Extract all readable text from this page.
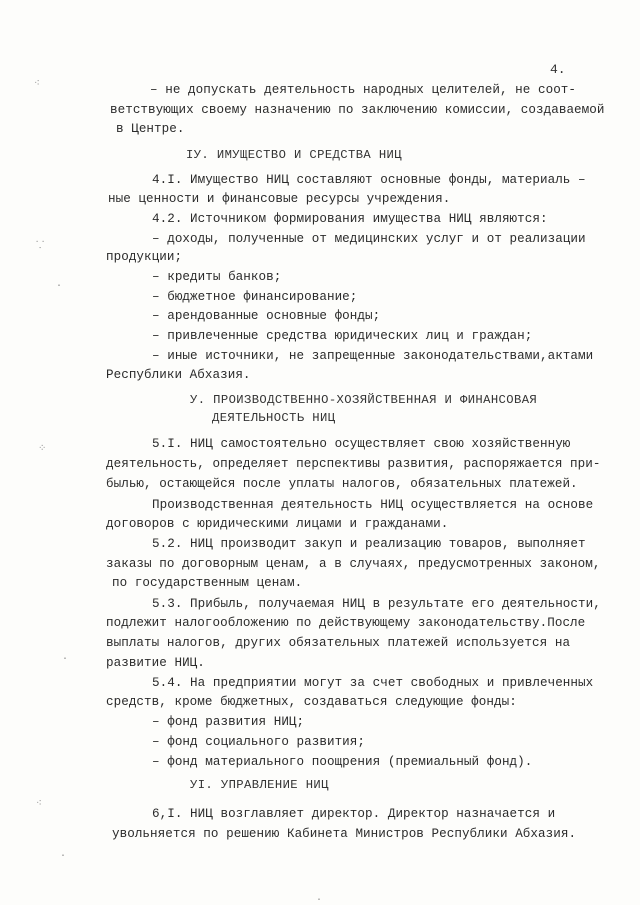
4.
– не допускать деятельность народных целителей, не соот-
ветствующих своему назначению по заключению комиссии, создаваемой
в Центре.
IУ. ИМУЩЕСТВО И СРЕДСТВА НИЦ
4.I. Имущество НИЦ составляют основные фонды, материаль –
ные ценности и финансовые ресурсы учреждения.
4.2. Источником формирования имущества НИЦ являются:
– доходы, полученные от медицинских услуг и от реализации
продукции;
– кредиты банков;
– бюджетное финансирование;
– арендованные основные фонды;
– привлеченные средства юридических лиц и граждан;
– иные источники, не запрещенные законодательствами,актами
Республики Абхазия.
У. ПРОИЗВОДСТВЕННО-ХОЗЯЙСТВЕННАЯ И ФИНАНСОВАЯ
ДЕЯТЕЛЬНОСТЬ НИЦ
5.I. НИЦ самостоятельно осуществляет свою хозяйственную
деятельность, определяет перспективы развития, распоряжается при-
былью, остающейся после уплаты налогов, обязательных платежей.
Производственная деятельность НИЦ осуществляется на основе
договоров с юридическими лицами и гражданами.
5.2. НИЦ производит закуп и реализацию товаров, выполняет
заказы по договорным ценам, а в случаях, предусмотренных законом,
по государственным ценам.
5.3. Прибыль, получаемая НИЦ в результате его деятельности,
подлежит налогообложению по действующему законодательству.После
выплаты налогов, других обязательных платежей используется на
развитие НИЦ.
5.4. На предприятии могут за счет свободных и привлеченных
средств, кроме бюджетных, создаваться следующие фонды:
– фонд развития НИЦ;
– фонд социального развития;
– фонд материального поощрения (премиальный фонд).
УI. УПРАВЛЕНИЕ НИЦ
6,I. НИЦ возглавляет директор. Директор назначается и
увольняется по решению Кабинета Министров Республики Абхазия.
⁖
⸪
·
⁘
·
⁖
·
·
